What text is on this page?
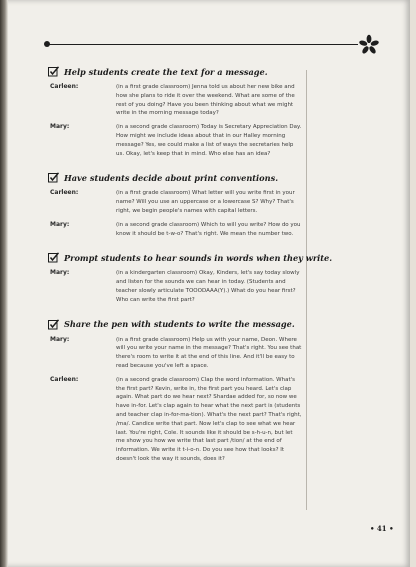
Help students create the text for a message.
Carleen:	(in a first grade classroom) Jenna told us about her new bike and how she plans to ride it over the weekend. What are some of the rest of you doing? Have you been thinking about what we might write in the morning message today?
Mary:	(in a second grade classroom) Today is Secretary Appreciation Day. How might we include ideas about that in our Halley morning message? Yes, we could make a list of ways the secretaries help us. Okay, let's keep that in mind. Who else has an idea?
Have students decide about print conventions.
Carleen:	(in a first grade classroom) What letter will you write first in your name? Will you use an uppercase or a lowercase S? Why? That's right, we begin people's names with capital letters.
Mary:	(in a second grade classroom) Which to will you write? How do you know it should be t-w-o? That's right. We mean the number two.
Prompt students to hear sounds in words when they write.
Mary:	(in a kindergarten classroom) Okay, Kinders, let's say today slowly and listen for the sounds we can hear in today. (Students and teacher slowly articulate TOOODAAA(Y).) What do you hear first? Who can write the first part?
Share the pen with students to write the message.
Mary:	(in a first grade classroom) Help us with your name, Deon. Where will you write your name in the message? That's right. You see that there's room to write it at the end of this line. And it'll be easy to read because you've left a space.
Carleen:	(in a second grade classroom) Clap the word information. What's the first part? Kevin, write in, the first part you heard. Let's clap again. What part do we hear next? Shardae added for, so now we have in-for. Let's clap again to hear what the next part is (students and teacher clap in-for-ma-tion). What's the next part? That's right, /ma/. Candice write that part. Now let's clap to see what we hear last. You're right, Cole. It sounds like it should be s-h-u-n, but let me show you how we write that last part /tion/ at the end of information. We write it t-i-o-n. Do you see how that looks? It doesn't look the way it sounds, does it?
• 41 •
